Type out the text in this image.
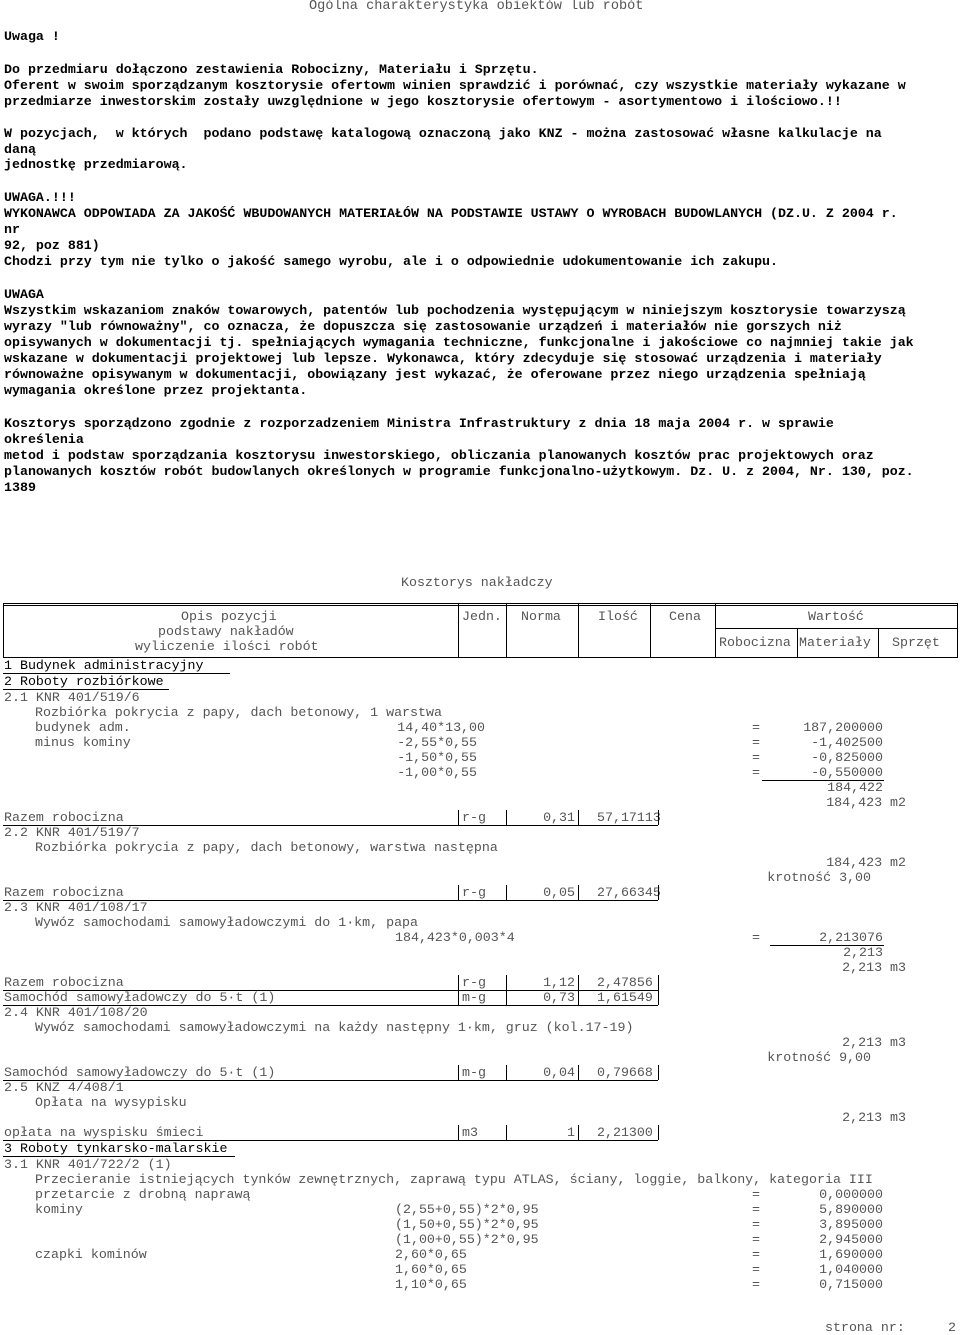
Ogólna charakterystyka obiektów lub robót
Uwaga !
Do przedmiaru dołączono zestawienia Robocizny, Materiału i Sprzętu.
Oferent w swoim sporządzanym kosztorysie ofertowm winien sprawdzić i porównać, czy wszystkie materiały wykazane w
przedmiarze inwestorskim zostały uwzględnione w jego kosztorysie ofertowym - asortymentowo i ilościowo.!!
W pozycjach,  w których  podano podstawę katalogową oznaczoną jako KNZ - można zastosować własne kalkulacje na
daną
jednostkę przedmiarową.
UWAGA.!!!
WYKONAWCA ODPOWIADA ZA JAKOŚĆ WBUDOWANYCH MATERIAŁÓW NA PODSTAWIE USTAWY O WYROBACH BUDOWLANYCH (DZ.U. Z 2004 r.
nr
92, poz 881)
Chodzi przy tym nie tylko o jakość samego wyrobu, ale i o odpowiednie udokumentowanie ich zakupu.
UWAGA
Wszystkim wskazaniom znaków towarowych, patentów lub pochodzenia występującym w niniejszym kosztorysie towarzyszą
wyrazy "lub równoważny", co oznacza, że dopuszcza się zastosowanie urządzeń i materiałów nie gorszych niż
opisywanych w dokumentacji tj. spełniających wymagania techniczne, funkcjonalne i jakościowe co najmniej takie jak
wskazane w dokumentacji projektowej lub lepsze. Wykonawca, który zdecyduje się stosować urządzenia i materiały
równoważne opisywanym w dokumentacji, obowiązany jest wykazać, że oferowane przez niego urządzenia spełniają
wymagania określone przez projektanta.
Kosztorys sporządzono zgodnie z rozporzadzeniem Ministra Infrastruktury z dnia 18 maja 2004 r. w sprawie
określenia
metod i podstaw sporządzania kosztorysu inwestorskiego, obliczania planowanych kosztów prac projektowych oraz
planowanych kosztów robót budowlanych określonych w programie funkcjonalno-użytkowym. Dz. U. z 2004, Nr. 130, poz.
1389
Kosztorys nakładczy
Opis pozycji
podstawy nakładów
wyliczenie ilości robót
Jedn. Norma	Ilość Cena	Wartość
Robocizna Materiały Sprzęt
1 Budynek administracyjny
2 Roboty rozbiórkowe
2.1 KNR 401/519/6
Rozbiórka pokrycia z papy, dach betonowy, 1 warstwa
budynek adm.	14,40*13,00	=	187,200000
minus kominy	-2,55*0,55	=	-1,402500
-1,50*0,55	=	-0,825000
-1,00*0,55	=	-0,550000
184,422
184,423 m2
Razem robocizna	r-g	0,31 57,17113
2.2 KNR 401/519/7
Rozbiórka pokrycia z papy, dach betonowy, warstwa następna
184,423 m2
krotność 3,00
Razem robocizna	r-g	0,05 27,66345
2.3 KNR 401/108/17
Wywóz samochodami samowyładowczymi do 1·km, papa
184,423*0,003*4	=	2,213076
2,213
2,213 m3
Razem robocizna	r-g	1,12 2,47856
Samochód samowyładowczy do 5·t (1)	m-g	0,73 1,61549
2.4 KNR 401/108/20
Wywóz samochodami samowyładowczymi na każdy następny 1·km, gruz (kol.17-19)
2,213 m3
krotność 9,00
Samochód samowyładowczy do 5·t (1)	m-g	0,04 0,79668
2.5 KNZ 4/408/1
Opłata na wysypisku
2,213 m3
opłata na wyspisku śmieci	m3	1 2,21300
3 Roboty tynkarsko-malarskie
3.1 KNR 401/722/2 (1)
Przecieranie istniejących tynków zewnętrznych, zaprawą typu ATLAS, ściany, loggie, balkony, kategoria III
przetarcie z drobną naprawą	=	0,000000
kominy	(2,55+0,55)*2*0,95	=	5,890000
(1,50+0,55)*2*0,95	=	3,895000
(1,00+0,55)*2*0,95	=	2,945000
czapki kominów	2,60*0,65	=	1,690000
1,60*0,65	=	1,040000
1,10*0,65	=	0,715000
strona nr:	2
